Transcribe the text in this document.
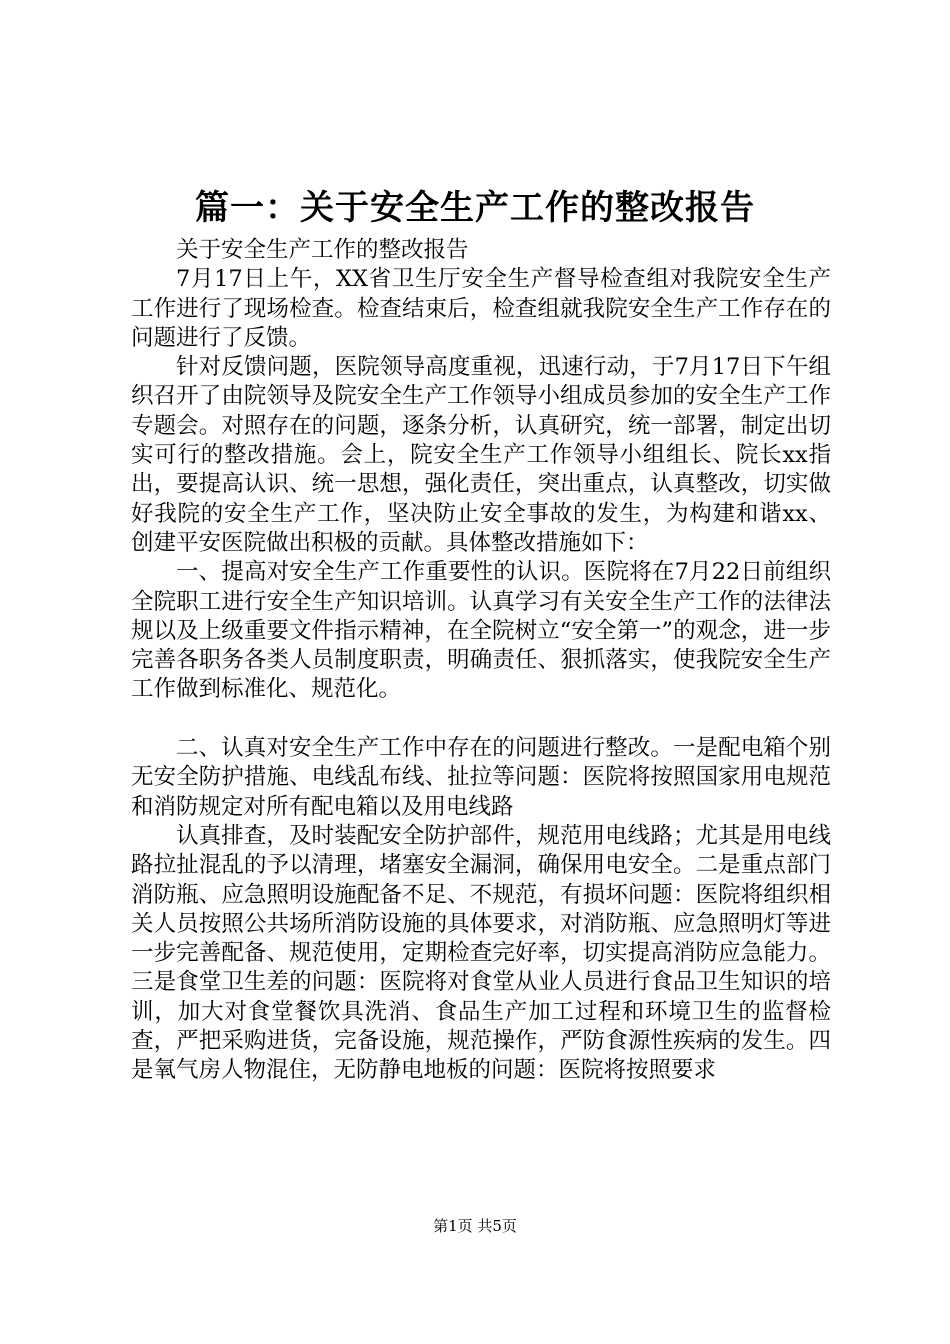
篇一：关于安全生产工作的整改报告

关于安全生产工作的整改报告

7月17日上午，XX省卫生厅安全生产督导检查组对我院安全生产工作进行了现场检查。检查结束后，检查组就我院安全生产工作存在的问题进行了反馈。

针对反馈问题，医院领导高度重视，迅速行动，于7月17日下午组织召开了由院领导及院安全生产工作领导小组成员参加的安全生产工作专题会。对照存在的问题，逐条分析，认真研究，统一部署，制定出切实可行的整改措施。会上，院安全生产工作领导小组组长、院长xx指出，要提高认识、统一思想，强化责任，突出重点，认真整改，切实做好我院的安全生产工作，坚决防止安全事故的发生，为构建和谐xx、创建平安医院做出积极的贡献。具体整改措施如下：

一、提高对安全生产工作重要性的认识。医院将在7月22日前组织全院职工进行安全生产知识培训。认真学习有关安全生产工作的法律法规以及上级重要文件指示精神，在全院树立“安全第一”的观念，进一步完善各职务各类人员制度职责，明确责任、狠抓落实，使我院安全生产工作做到标准化、规范化。

二、认真对安全生产工作中存在的问题进行整改。一是配电箱个别无安全防护措施、电线乱布线、扯拉等问题：医院将按照国家用电规范和消防规定对所有配电箱以及用电线路

认真排查，及时装配安全防护部件，规范用电线路；尤其是用电线路拉扯混乱的予以清理，堵塞安全漏洞，确保用电安全。二是重点部门消防瓶、应急照明设施配备不足、不规范，有损坏问题：医院将组织相关人员按照公共场所消防设施的具体要求，对消防瓶、应急照明灯等进一步完善配备、规范使用，定期检查完好率，切实提高消防应急能力。三是食堂卫生差的问题：医院将对食堂从业人员进行食品卫生知识的培训，加大对食堂餐饮具洗消、食品生产加工过程和环境卫生的监督检查，严把采购进货，完备设施，规范操作，严防食源性疾病的发生。四是氧气房人物混住，无防静电地板的问题：医院将按照要求

第1页 共5页
